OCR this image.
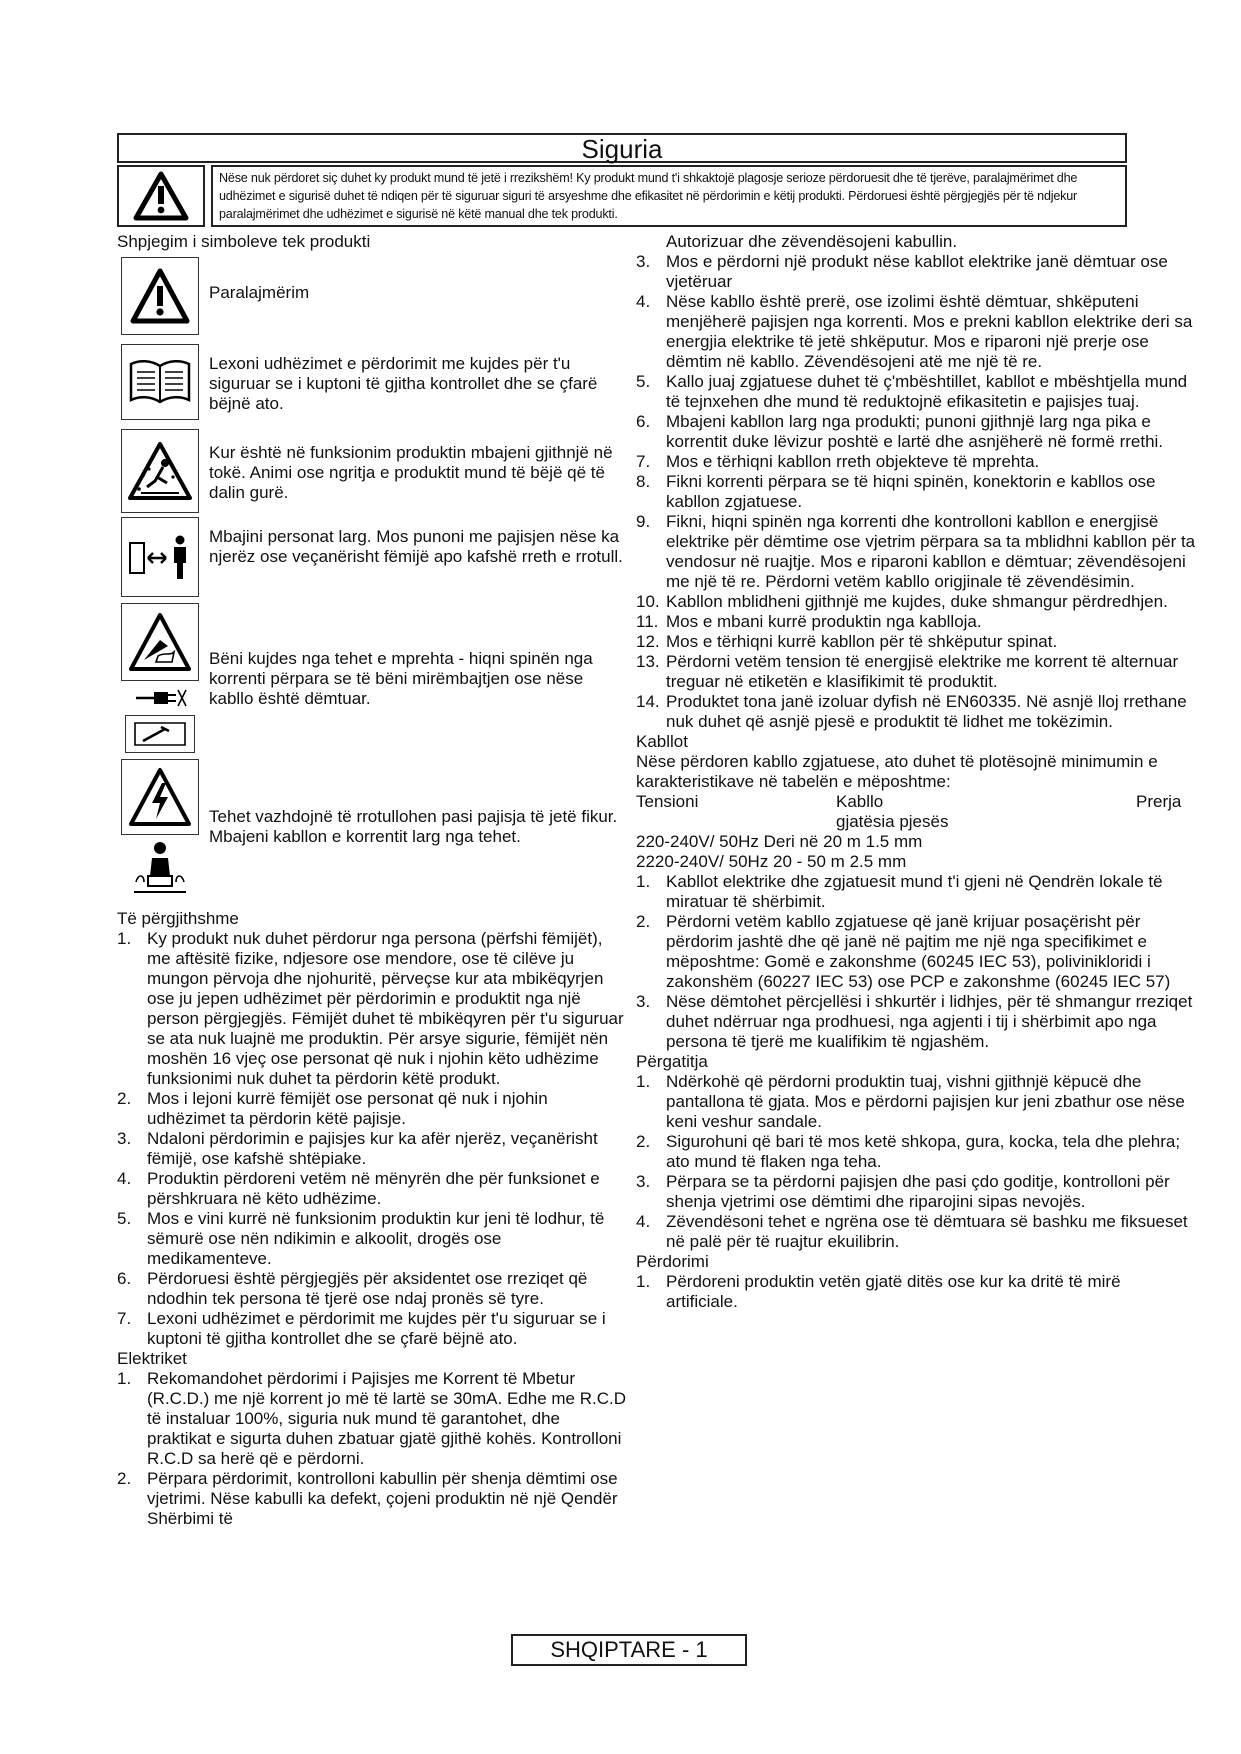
Siguria
Nëse nuk përdoret siç duhet ky produkt mund të jetë i rrezikshëm! Ky produkt mund t'i shkaktojë plagosje serioze përdoruesit dhe të tjerëve, paralajmërimet dhe udhëzimet e sigurisë duhet të ndiqen për të siguruar siguri të arsyeshme dhe efikasitet në përdorimin e këtij produkti. Përdoruesi është përgjegjës për të ndjekur paralajmërimet dhe udhëzimet e sigurisë në këtë manual dhe tek produkti.

Shpjegim i simboleve tek produkti

Paralajmërim
Lexoni udhëzimet e përdorimit me kujdes për t'u siguruar se i kuptoni të gjitha kontrollet dhe se çfarë bëjnë ato.
Kur është në funksionim produktin mbajeni gjithnjë në tokë. Animi ose ngritja e produktit mund të bëjë që të dalin gurë.
Mbajini personat larg. Mos punoni me pajisjen nëse ka njerëz ose veçanërisht fëmijë apo kafshë rreth e rrotull.
Bëni kujdes nga tehet e mprehta - hiqni spinën nga korrenti përpara se të bëni mirëmbajtjen ose nëse kabllo është dëmtuar.
Tehet vazhdojnë të rrotullohen pasi pajisja të jetë fikur. Mbajeni kabllon e korrentit larg nga tehet.

Të përgjithshme

1. Ky produkt nuk duhet përdorur nga persona (përfshi fëmijët), me aftësitë fizike, ndjesore ose mendore, ose të cilëve ju mungon përvoja dhe njohuritë, përveçse kur ata mbikëqyrjen ose ju jepen udhëzimet për përdorimin e produktit nga një person përgjegjës. Fëmijët duhet të mbikëqyren për t'u siguruar se ata nuk luajnë me produktin. Për arsye sigurie, fëmijët nën moshën 16 vjeç ose personat që nuk i njohin këto udhëzime funksionimi nuk duhet ta përdorin këtë produkt.
2. Mos i lejoni kurrë fëmijët ose personat që nuk i njohin udhëzimet ta përdorin këtë pajisje.
3. Ndaloni përdorimin e pajisjes kur ka afër njerëz, veçanërisht fëmijë, ose kafshë shtëpiake.
4. Produktin përdoreni vetëm në mënyrën dhe për funksionet e përshkruara në këto udhëzime.
5. Mos e vini kurrë në funksionim produktin kur jeni të lodhur, të sëmurë ose nën ndikimin e alkoolit, drogës ose medikamenteve.
6. Përdoruesi është përgjegjës për aksidentet ose rreziqet që ndodhin tek persona të tjerë ose ndaj pronës së tyre.
7. Lexoni udhëzimet e përdorimit me kujdes për t'u siguruar se i kuptoni të gjitha kontrollet dhe se çfarë bëjnë ato.

Elektriket

1. Rekomandohet përdorimi i Pajisjes me Korrent të Mbetur (R.C.D.) me një korrent jo më të lartë se 30mA. Edhe me R.C.D të instaluar 100%, siguria nuk mund të garantohet, dhe praktikat e sigurta duhen zbatuar gjatë gjithë kohës. Kontrolloni R.C.D sa herë që e përdorni.
2. Përpara përdorimit, kontrolloni kabullin për shenja dëmtimi ose vjetrimi. Nëse kabulli ka defekt, çojeni produktin në një Qendër Shërbimi të
Autorizuar dhe zëvendësojeni kabullin.
3. Mos e përdorni një produkt nëse kabllot elektrike janë dëmtuar ose vjetëruar
4. Nëse kabllo është prerë, ose izolimi është dëmtuar, shkëputeni menjëherë pajisjen nga korrenti. Mos e prekni kabllon elektrike deri sa energjia elektrike të jetë shkëputur. Mos e riparoni një prerje ose dëmtim në kabllo. Zëvendësojeni atë me një të re.
5. Kallo juaj zgjatuese duhet të ç'mbështillet, kabllot e mbështjella mund të tejnxehen dhe mund të reduktojnë efikasitetin e pajisjes tuaj.
6. Mbajeni kabllon larg nga produkti; punoni gjithnjë larg nga pika e korrentit duke lëvizur poshtë e lartë dhe asnjëherë në formë rrethi.
7. Mos e tërhiqni kabllon rreth objekteve të mprehta.
8. Fikni korrenti përpara se të hiqni spinën, konektorin e kabllos ose kabllon zgjatuese.
9. Fikni, hiqni spinën nga korrenti dhe kontrolloni kabllon e energjisë elektrike për dëmtime ose vjetrim përpara sa ta mblidhni kabllon për ta vendosur në ruajtje. Mos e riparoni kabllon e dëmtuar; zëvendësojeni me një të re. Përdorni vetëm kabllo origjinale të zëvendësimin.
10. Kabllon mblidheni gjithnjë me kujdes, duke shmangur përdredhjen.
11. Mos e mbani kurrë produktin nga kablloja.
12. Mos e tërhiqni kurrë kabllon për të shkëputur spinat.
13. Përdorni vetëm tension të energjisë elektrike me korrent të alternuar treguar në etiketën e klasifikimit të produktit.
14. Produktet tona janë izoluar dyfish në EN60335. Në asnjë lloj rrethane nuk duhet që asnjë pjesë e produktit të lidhet me tokëzimin.

Kabllot

Nëse përdoren kabllo zgjatuese, ato duhet të plotësojnë minimumin e karakteristikave në tabelën e mëposhtme:
Tensioni	Kabllo	Prerja
gjatësia pjesës
220-240V/ 50Hz Deri në 20 m 1.5 mm
2220-240V/ 50Hz 20 - 50 m 2.5 mm
1. Kabllot elektrike dhe zgjatuesit mund t'i gjeni në Qendrën lokale të miratuar të shërbimit.
2. Përdorni vetëm kabllo zgjatuese që janë krijuar posaçërisht për përdorim jashtë dhe që janë në pajtim me një nga specifikimet e mëposhtme: Gomë e zakonshme (60245 IEC 53), polivinikloridi i zakonshëm (60227 IEC 53) ose PCP e zakonshme (60245 IEC 57)
3. Nëse dëmtohet përcjellësi i shkurtër i lidhjes, për të shmangur rreziqet duhet ndërruar nga prodhuesi, nga agjenti i tij i shërbimit apo nga persona të tjerë me kualifikim të ngjashëm.

Përgatitja

1. Ndërkohë që përdorni produktin tuaj, vishni gjithnjë këpucë dhe pantallona të gjata. Mos e përdorni pajisjen kur jeni zbathur ose nëse keni veshur sandale.
2. Sigurohuni që bari të mos ketë shkopa, gura, kocka, tela dhe plehra; ato mund të flaken nga teha.
3. Përpara se ta përdorni pajisjen dhe pasi çdo goditje, kontrolloni për shenja vjetrimi ose dëmtimi dhe riparojini sipas nevojës.
4. Zëvendësoni tehet e ngrëna ose të dëmtuara së bashku me fiksueset në palë për të ruajtur ekuilibrin.

Përdorimi

1. Përdoreni produktin vetën gjatë ditës ose kur ka dritë të mirë artificiale.
SHQIPTARE - 1
